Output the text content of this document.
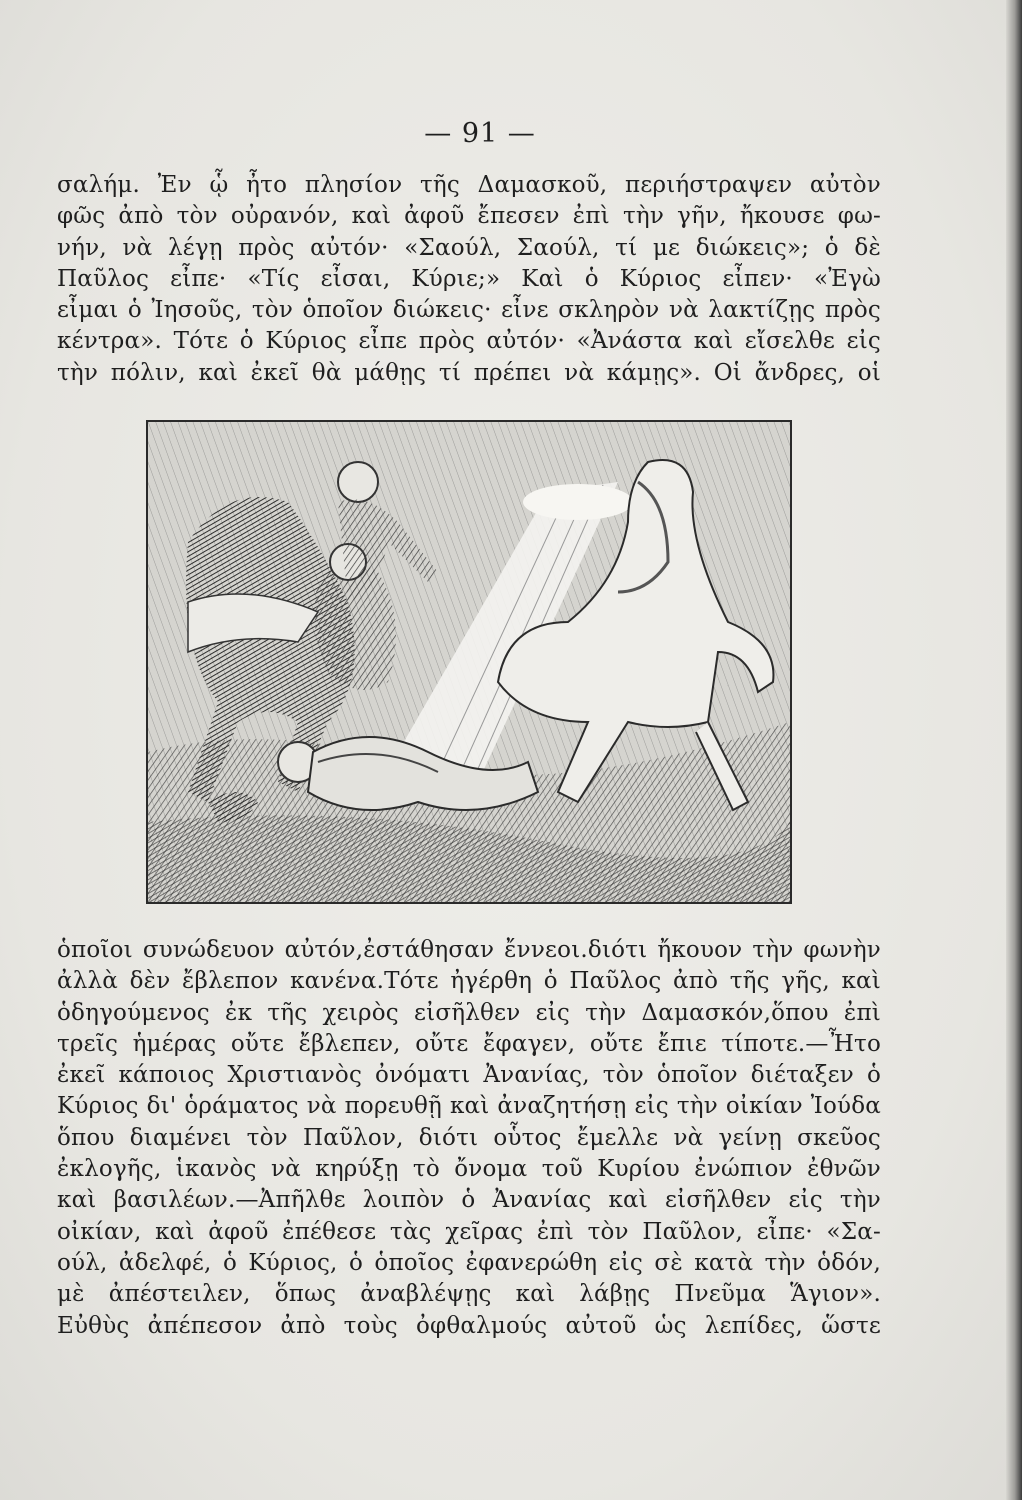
— 91 —
σαλήμ. Ἐν ᾧ ἦτο πλησίον τῆς Δαμασκοῦ, περιήστραψεν αὐτὸν
φῶς ἀπὸ τὸν οὐρανόν, καὶ ἀφοῦ ἔπεσεν ἐπὶ τὴν γῆν, ἤκουσε φω-
νήν, νὰ λέγῃ πρὸς αὐτόν· «Σαούλ, Σαούλ, τί με διώκεις»; ὁ δὲ
Παῦλος εἶπε· «Τίς εἶσαι, Κύριε;» Καὶ ὁ Κύριος εἶπεν· «Ἐγὼ
εἶμαι ὁ Ἰησοῦς, τὸν ὁποῖον διώκεις· εἶνε σκληρὸν νὰ λακτίζῃς πρὸς
κέντρα». Τότε ὁ Κύριος εἶπε πρὸς αὐτόν· «Ἀνάστα καὶ εἴσελθε εἰς
τὴν πόλιν, καὶ ἐκεῖ θὰ μάθῃς τί πρέπει νὰ κάμῃς». Οἱ ἄνδρες, οἱ
ὁποῖοι συνώδευον αὐτόν,ἐστάθησαν ἔννεοι.διότι ἤκουον τὴν φωνὴν
ἀλλὰ δὲν ἔβλεπον κανένα.Τότε ἠγέρθη ὁ Παῦλος ἀπὸ τῆς γῆς, καὶ
ὁδηγούμενος ἐκ τῆς χειρὸς εἰσῆλθεν εἰς τὴν Δαμασκόν,ὅπου ἐπὶ
τρεῖς ἡμέρας οὔτε ἔβλεπεν, οὔτε ἔφαγεν, οὔτε ἔπιε τίποτε.—Ἦτο
ἐκεῖ κάποιος Χριστιανὸς ὀνόματι Ἀνανίας, τὸν ὁποῖον διέταξεν ὁ
Κύριος δι' ὁράματος νὰ πορευθῇ καὶ ἀναζητήσῃ εἰς τὴν οἰκίαν Ἰούδα
ὅπου διαμένει τὸν Παῦλον, διότι οὗτος ἔμελλε νὰ γείνῃ σκεῦος
ἐκλογῆς, ἱκανὸς νὰ κηρύξῃ τὸ ὄνομα τοῦ Κυρίου ἐνώπιον ἐθνῶν
καὶ βασιλέων.—Ἀπῆλθε λοιπὸν ὁ Ἀνανίας καὶ εἰσῆλθεν εἰς τὴν
οἰκίαν, καὶ ἀφοῦ ἐπέθεσε τὰς χεῖρας ἐπὶ τὸν Παῦλον, εἶπε· «Σα-
ούλ, ἀδελφέ, ὁ Κύριος, ὁ ὁποῖος ἐφανερώθη εἰς σὲ κατὰ τὴν ὁδόν,
μὲ ἀπέστειλεν, ὅπως ἀναβλέψῃς καὶ λάβῃς Πνεῦμα Ἅγιον».
Εὐθὺς ἀπέπεσον ἀπὸ τοὺς ὀφθαλμούς αὐτοῦ ὡς λεπίδες, ὥστε
